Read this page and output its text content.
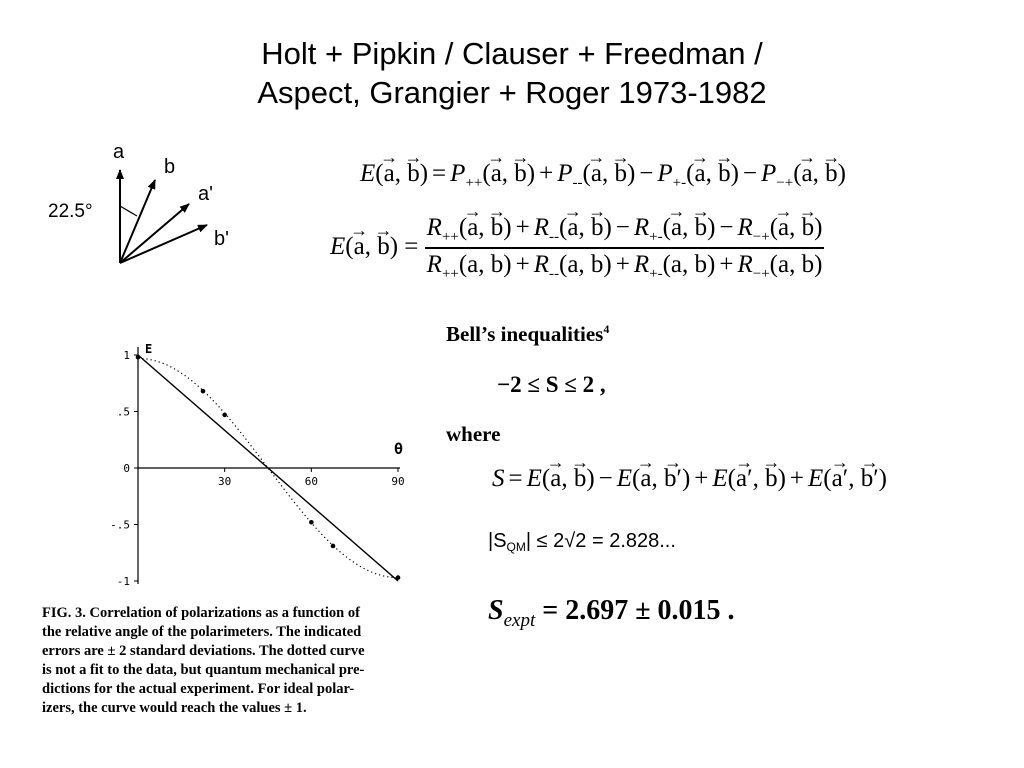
Holt + Pipkin / Clauser + Freedman /
Aspect, Grangier + Roger 1973-1982
a
b
a'
b'
22.5°
E(→ a, → $b) = P_{++}(\to a$, → $b) + P_{--}(\to a$, → $b) - P_{+-}(\to a$, → $b) - P_{-+}(\to a$, → b)
E(→ a, → $b) = \frac{R_{++}(\to a, \to b) + R_{--}(\to a, \to b) - R_{+-}(\to a, \to b) - R_{-+}(\to a, \to b)}{R_{++}(a, b) + R_{--}(a, b) + R_{+-}(a, b) + R_{-+}(a, b)}$
1
.5
0
-.5
-1
30	60	90
E
θ
FIG. 3. Correlation of polarizations as a function of
the relative angle of the polarimeters. The indicated
errors are ± 2 standard deviations. The dotted curve
is not a fit to the data, but quantum mechanical pre-
dictions for the actual experiment. For ideal polar-
izers, the curve would reach the values ± 1.
Bell’s inequalities$^4$
−2 ≤ S ≤ 2 ,
where
S = E(→ a, → b) − E(→ a, → b′) + E(→ a′, → b) + E(→ a′, → b′)
$|S_{QM}| \le 2√2 = 2.828$...
$S_{expt} = 2.697 \pm 0.015$ .
